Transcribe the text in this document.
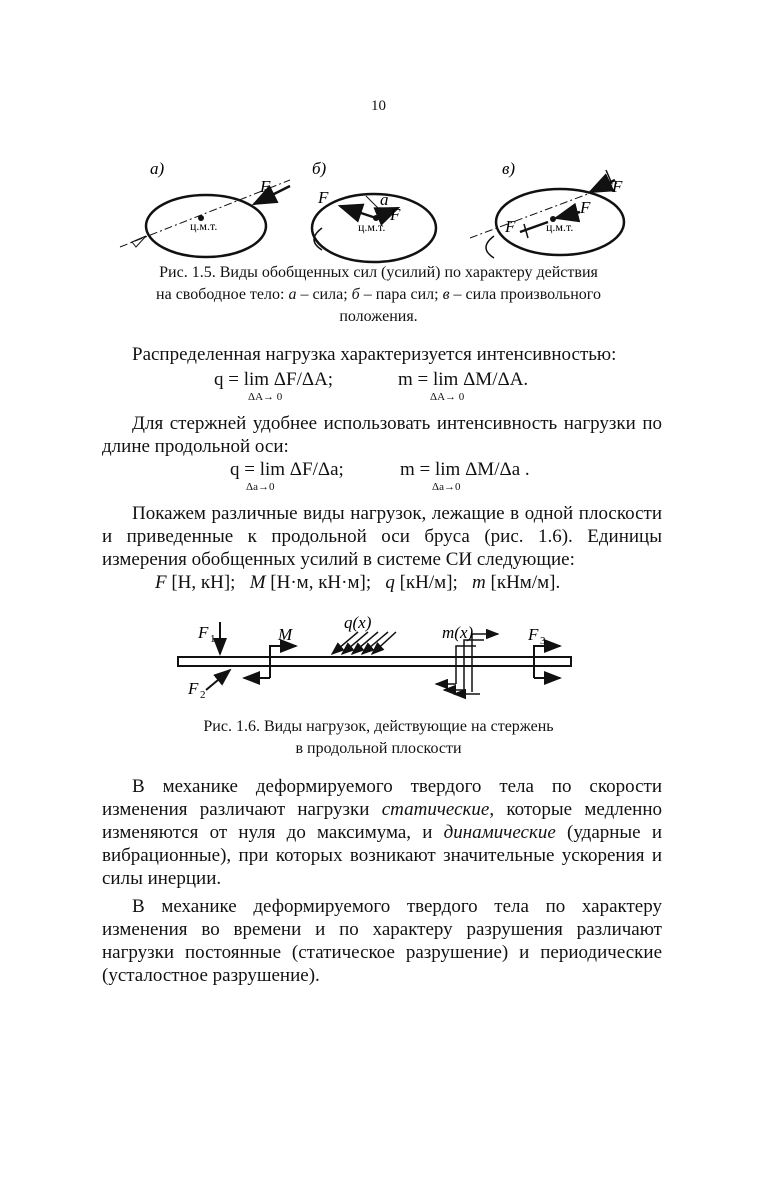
10
а)
ц.м.т.
F
б)
F	a
F
ц.м.т.
в)
F
F
F	ц.м.т.
Рис. 1.5. Виды обобщенных сил (усилий) по характеру действия
на свободное тело: а – сила; б – пара сил; в – сила произвольного
положения.
Распределенная нагрузка характеризуется интенсивностью:
q = lim ΔF/ΔA;
ΔA→ 0
m = lim ΔM/ΔA.
ΔA→ 0
Для стержней удобнее использовать интенсивность нагрузки по длине продольной оси:
q = lim ΔF/Δa;
Δa→0
m = lim ΔM/Δa .
Δa→0
Покажем различные виды нагрузок, лежащие в одной плоскости и приведенные к продольной оси бруса (рис. 1.6). Единицы измерения обобщенных усилий в системе СИ следующие:
F [Н, кН]; M [Н·м, кН·м]; q [кН/м]; m [кНм/м].
F 1
F 2
M
q(x)
m(x)	F 3
Рис. 1.6. Виды нагрузок, действующие на стержень
в продольной плоскости
В механике деформируемого твердого тела по скорости изменения различают нагрузки статические, которые медленно изменяются от нуля до максимума, и динамические (ударные и вибрационные), при которых возникают значительные ускорения и силы инерции.
В механике деформируемого твердого тела по характеру изменения во времени и по характеру разрушения различают нагрузки постоянные (статическое разрушение) и периодические (усталостное разрушение).
